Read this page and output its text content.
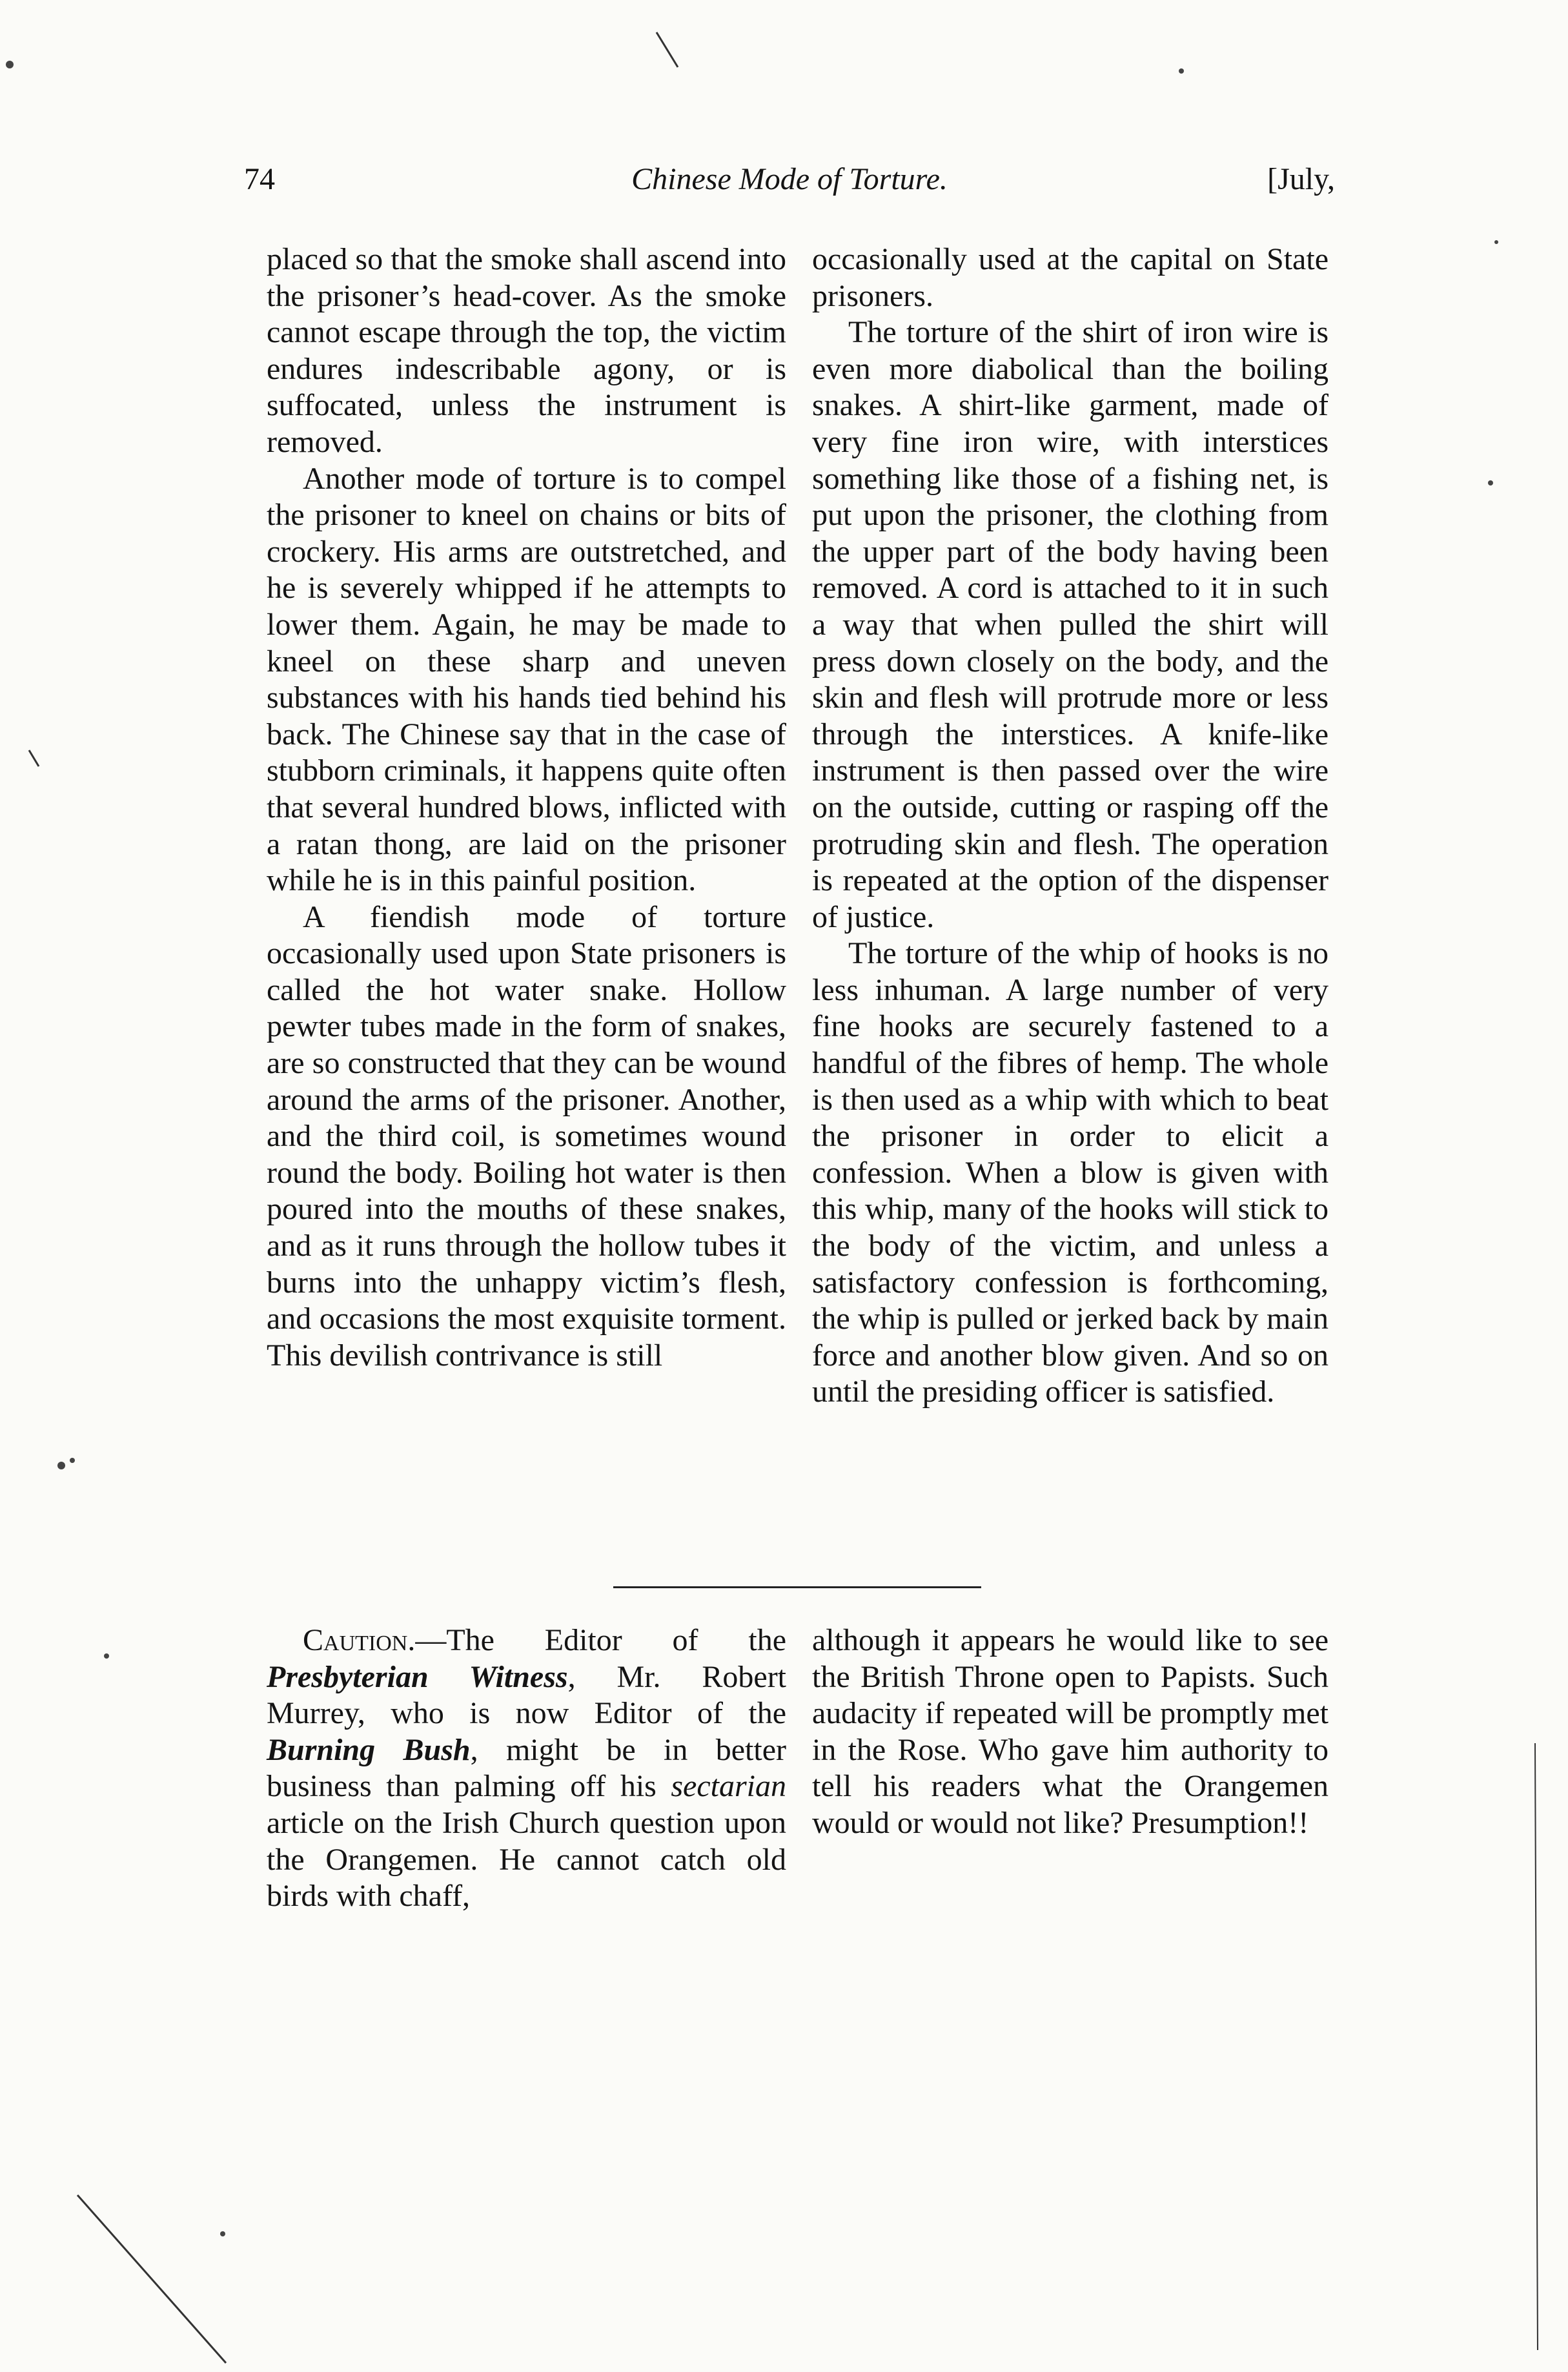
74	Chinese Mode of Torture.	[July,

placed so that the smoke shall ascend into the prisoner’s head-cover. As the smoke cannot escape through the top, the victim endures indescribable agony, or is suffocated, unless the instrument is removed.

Another mode of torture is to compel the prisoner to kneel on chains or bits of crockery. His arms are outstretched, and he is severely whipped if he attempts to lower them. Again, he may be made to kneel on these sharp and uneven substances with his hands tied behind his back. The Chinese say that in the case of stubborn criminals, it happens quite often that several hundred blows, inflicted with a ratan thong, are laid on the prisoner while he is in this painful position.

A fiendish mode of torture occasionally used upon State prisoners is called the hot water snake. Hollow pewter tubes made in the form of snakes, are so constructed that they can be wound around the arms of the prisoner. Another, and the third coil, is sometimes wound round the body. Boiling hot water is then poured into the mouths of these snakes, and as it runs through the hollow tubes it burns into the unhappy victim’s flesh, and occasions the most exquisite torment. This devilish contrivance is still

occasionally used at the capital on State prisoners.

The torture of the shirt of iron wire is even more diabolical than the boiling snakes. A shirt-like garment, made of very fine iron wire, with interstices something like those of a fishing net, is put upon the prisoner, the clothing from the upper part of the body having been removed. A cord is attached to it in such a way that when pulled the shirt will press down closely on the body, and the skin and flesh will protrude more or less through the interstices. A knife-like instrument is then passed over the wire on the outside, cutting or rasping off the protruding skin and flesh. The operation is repeated at the option of the dispenser of justice.

The torture of the whip of hooks is no less inhuman. A large number of very fine hooks are securely fastened to a handful of the fibres of hemp. The whole is then used as a whip with which to beat the prisoner in order to elicit a confession. When a blow is given with this whip, many of the hooks will stick to the body of the victim, and unless a satisfactory confession is forthcoming, the whip is pulled or jerked back by main force and another blow given. And so on until the presiding officer is satisfied.

Caution.—The Editor of the Presbyterian Witness, Mr. Robert Murrey, who is now Editor of the Burning Bush, might be in better business than palming off his sectarian article on the Irish Church question upon the Orangemen. He cannot catch old birds with chaff,

although it appears he would like to see the British Throne open to Papists. Such audacity if repeated will be promptly met in the Rose. Who gave him authority to tell his readers what the Orangemen would or would not like? Presumption!!
